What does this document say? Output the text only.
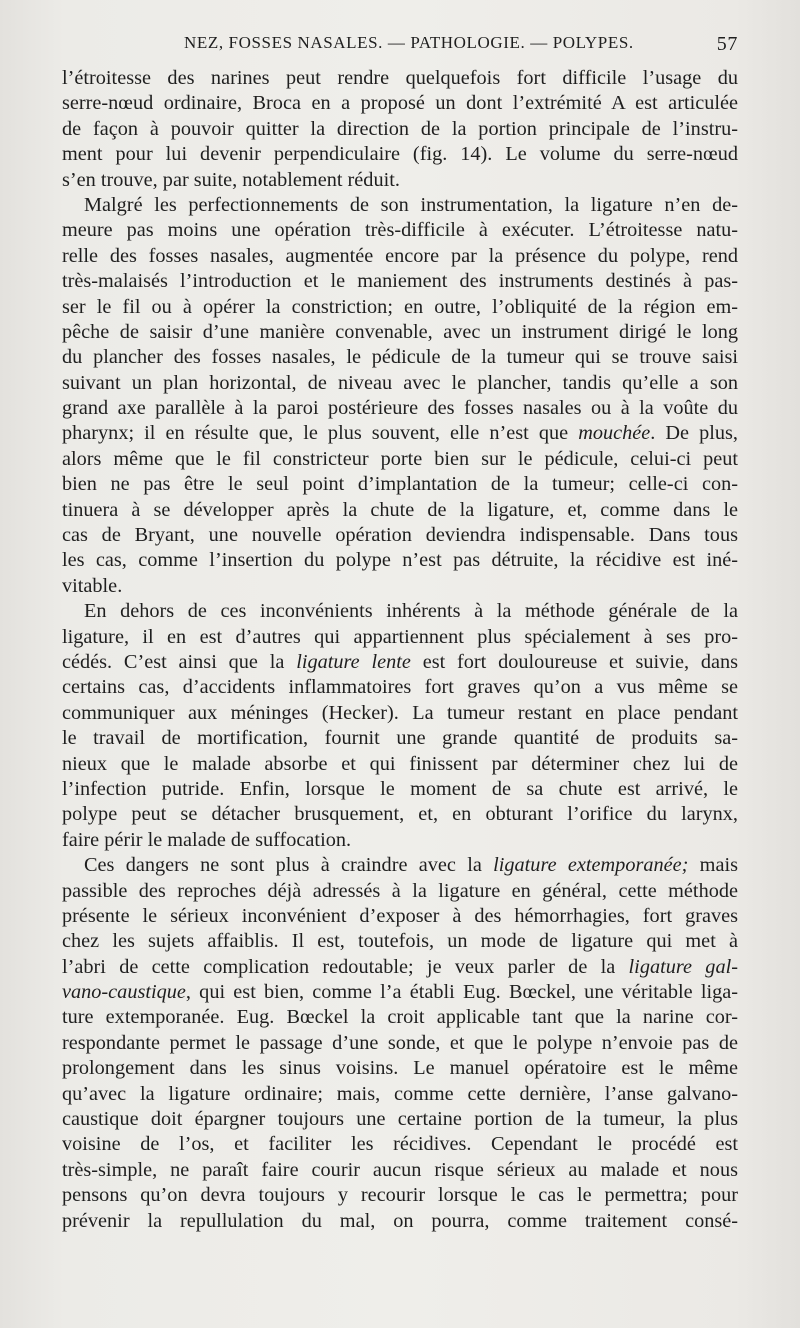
NEZ, FOSSES NASALES. — PATHOLOGIE. — POLYPES.	57
l’étroitesse des narines peut rendre quelquefois fort difficile l’usage du
serre-nœud ordinaire, Broca en a proposé un dont l’extrémité A est articulée
de façon à pouvoir quitter la direction de la portion principale de l’instru-
ment pour lui devenir perpendiculaire (fig. 14). Le volume du serre-nœud
s’en trouve, par suite, notablement réduit.
Malgré les perfectionnements de son instrumentation, la ligature n’en de-
meure pas moins une opération très-difficile à exécuter. L’étroitesse natu-
relle des fosses nasales, augmentée encore par la présence du polype, rend
très-malaisés l’introduction et le maniement des instruments destinés à pas-
ser le fil ou à opérer la constriction; en outre, l’obliquité de la région em-
pêche de saisir d’une manière convenable, avec un instrument dirigé le long
du plancher des fosses nasales, le pédicule de la tumeur qui se trouve saisi
suivant un plan horizontal, de niveau avec le plancher, tandis qu’elle a son
grand axe parallèle à la paroi postérieure des fosses nasales ou à la voûte du
pharynx; il en résulte que, le plus souvent, elle n’est que mouchée. De plus,
alors même que le fil constricteur porte bien sur le pédicule, celui-ci peut
bien ne pas être le seul point d’implantation de la tumeur; celle-ci con-
tinuera à se développer après la chute de la ligature, et, comme dans le
cas de Bryant, une nouvelle opération deviendra indispensable. Dans tous
les cas, comme l’insertion du polype n’est pas détruite, la récidive est iné-
vitable.
En dehors de ces inconvénients inhérents à la méthode générale de la
ligature, il en est d’autres qui appartiennent plus spécialement à ses pro-
cédés. C’est ainsi que la ligature lente est fort douloureuse et suivie, dans
certains cas, d’accidents inflammatoires fort graves qu’on a vus même se
communiquer aux méninges (Hecker). La tumeur restant en place pendant
le travail de mortification, fournit une grande quantité de produits sa-
nieux que le malade absorbe et qui finissent par déterminer chez lui de
l’infection putride. Enfin, lorsque le moment de sa chute est arrivé, le
polype peut se détacher brusquement, et, en obturant l’orifice du larynx,
faire périr le malade de suffocation.
Ces dangers ne sont plus à craindre avec la ligature extemporanée; mais
passible des reproches déjà adressés à la ligature en général, cette méthode
présente le sérieux inconvénient d’exposer à des hémorrhagies, fort graves
chez les sujets affaiblis. Il est, toutefois, un mode de ligature qui met à
l’abri de cette complication redoutable; je veux parler de la ligature gal-
vano-caustique, qui est bien, comme l’a établi Eug. Bœckel, une véritable liga-
ture extemporanée. Eug. Bœckel la croit applicable tant que la narine cor-
respondante permet le passage d’une sonde, et que le polype n’envoie pas de
prolongement dans les sinus voisins. Le manuel opératoire est le même
qu’avec la ligature ordinaire; mais, comme cette dernière, l’anse galvano-
caustique doit épargner toujours une certaine portion de la tumeur, la plus
voisine de l’os, et faciliter les récidives. Cependant le procédé est
très-simple, ne paraît faire courir aucun risque sérieux au malade et nous
pensons qu’on devra toujours y recourir lorsque le cas le permettra; pour
prévenir la repullulation du mal, on pourra, comme traitement consé-
